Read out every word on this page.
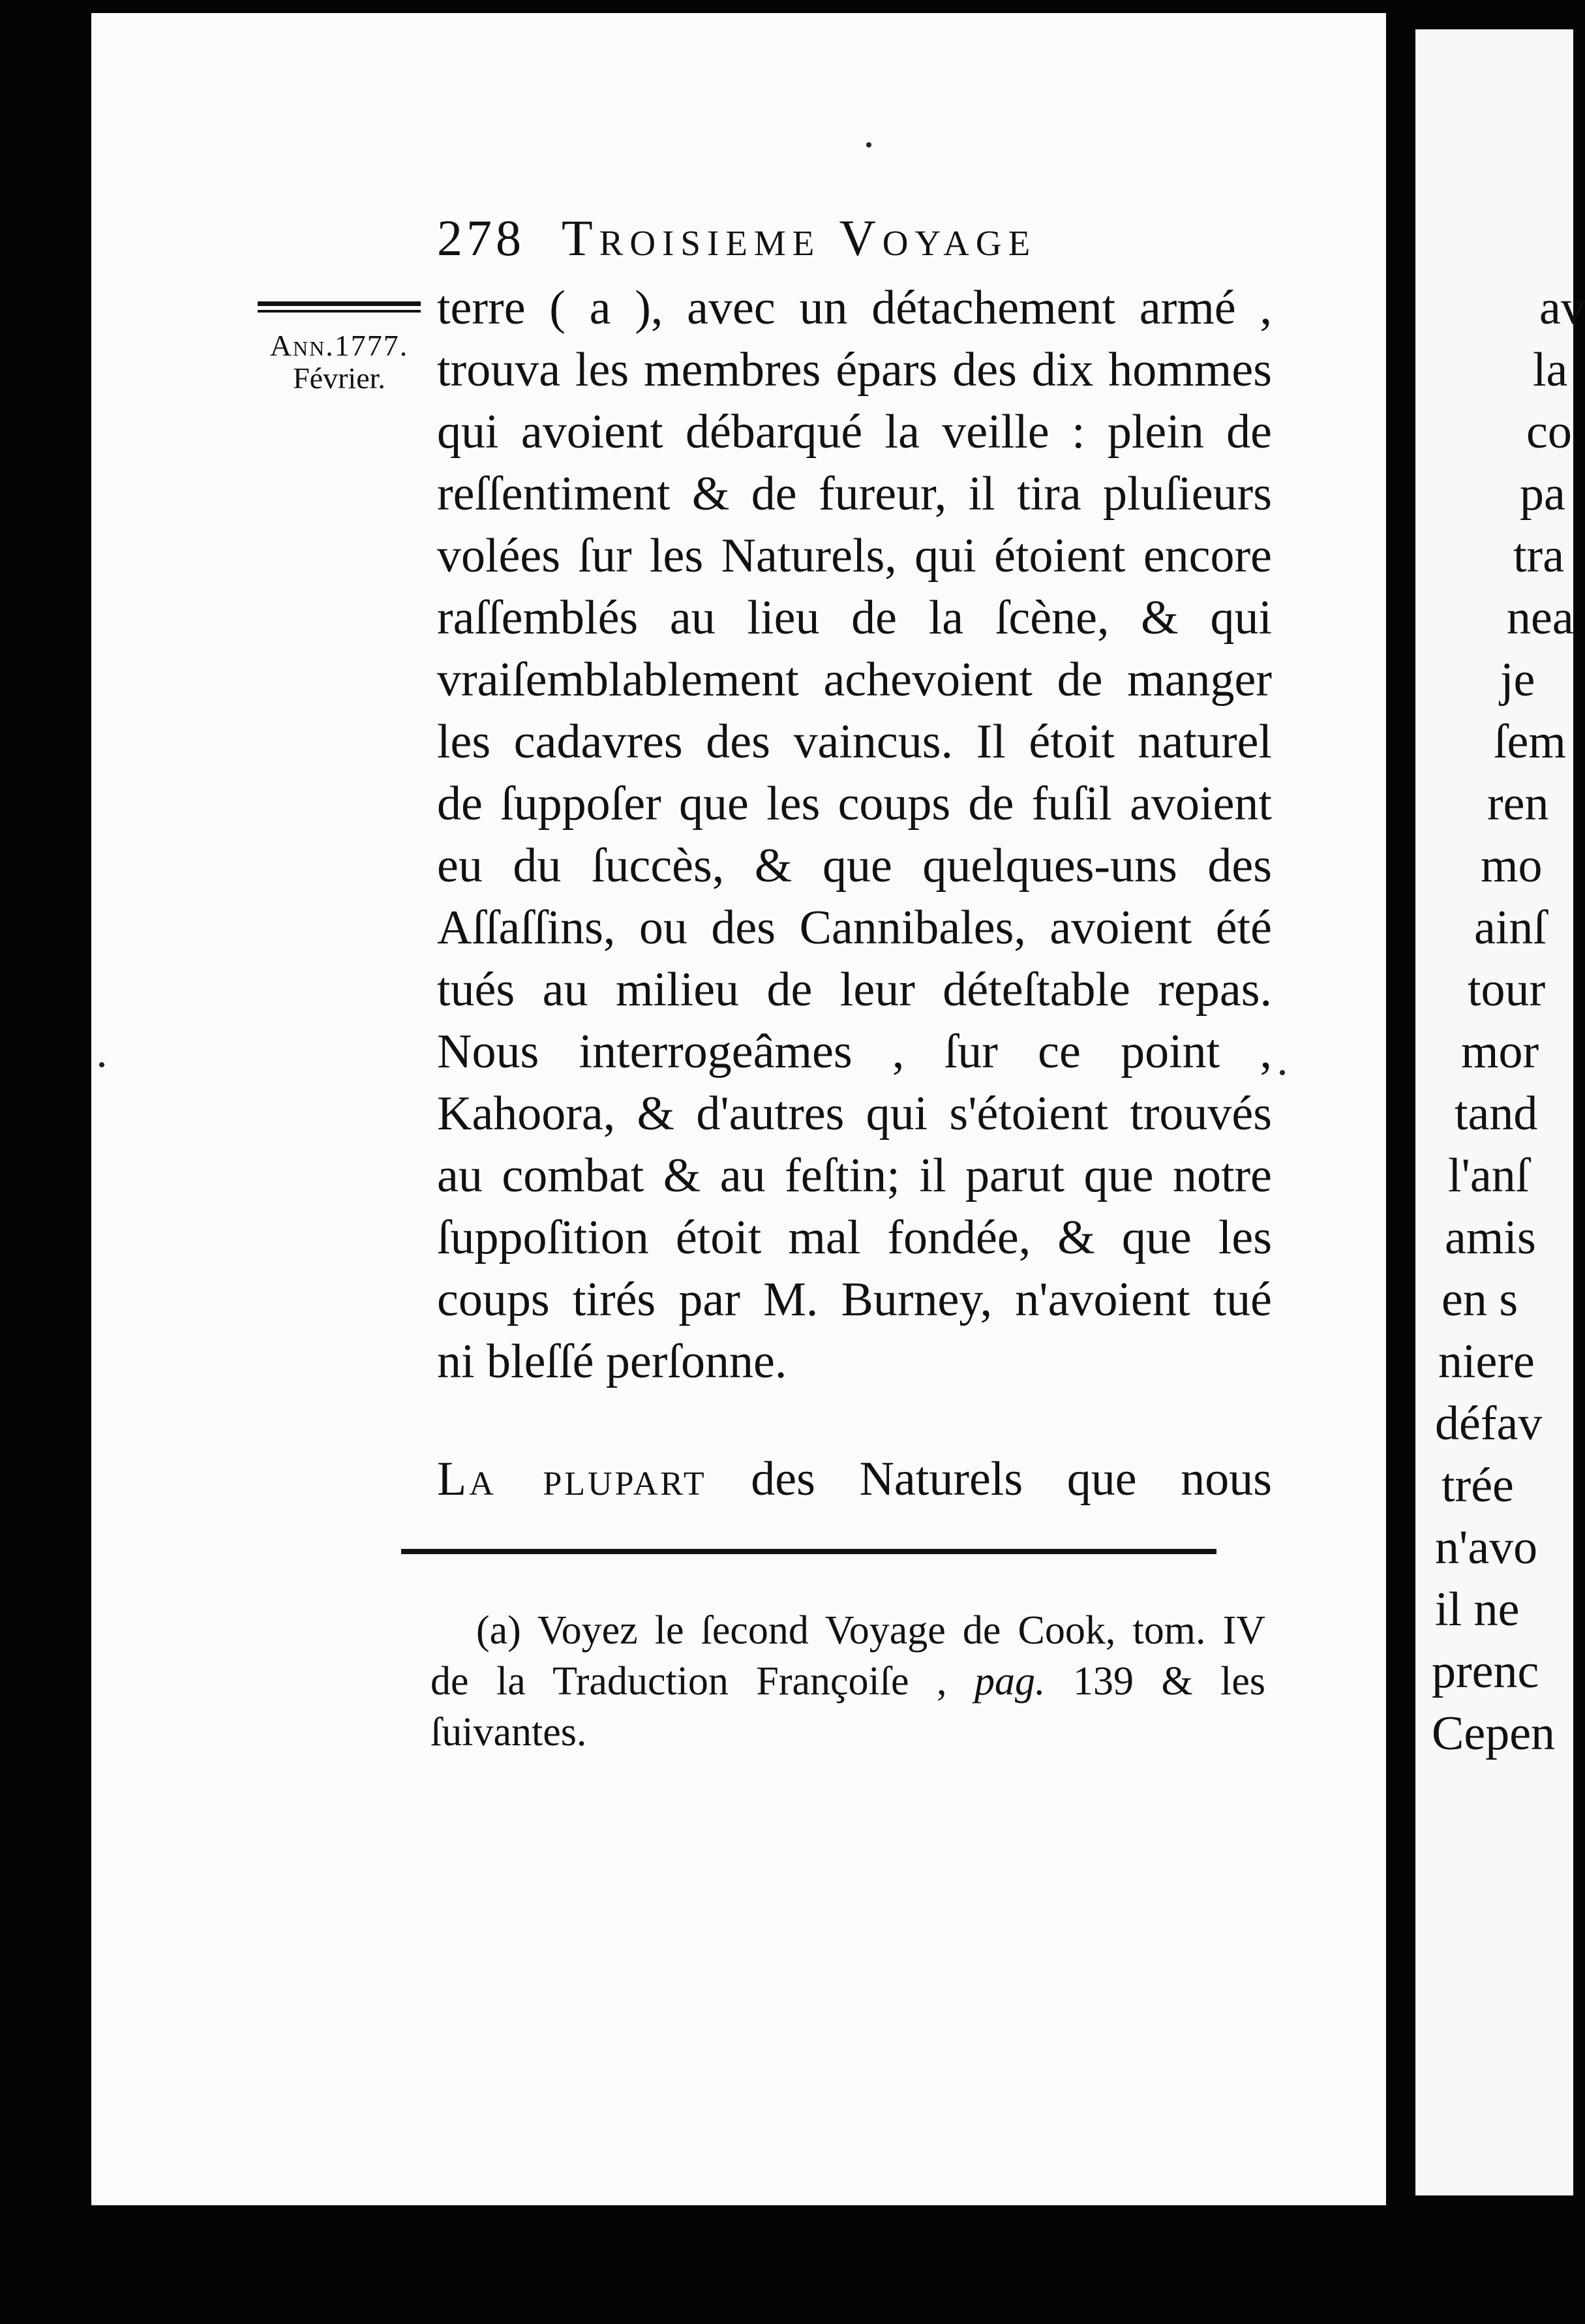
278 Troisieme Voyage
Ann.1777.
Février.
terre ( a ), avec un détachement armé ,
trouva les membres épars des dix hommes
qui avoient débarqué la veille : plein de
reſſentiment & de fureur, il tira pluſieurs
volées ſur les Naturels, qui étoient encore
raſſemblés au lieu de la ſcène, & qui
vraiſemblablement achevoient de manger
les cadavres des vaincus. Il étoit naturel
de ſuppoſer que les coups de fuſil avoient
eu du ſuccès, & que quelques-uns des
Aſſaſſins, ou des Cannibales, avoient été
tués au milieu de leur déteſtable repas.
Nous interrogeâmes , ſur ce point ,
Kahoora, & d'autres qui s'étoient trouvés
au combat & au feſtin; il parut que notre
ſuppoſition étoit mal fondée, & que les
coups tirés par M. Burney, n'avoient tué
ni bleſſé perſonne.
La plupart des Naturels que nous
(a) Voyez le ſecond Voyage de Cook, tom. IV
de la Traduction Françoiſe , pag. 139 & les
ſuivantes.
av
la
co
pa
tra
nea
je
ſem
ren
mo
ainſ
tour
mor
tand
l'anſ
amis
en s
niere
défav
trée
n'avo
il ne
prenc
Cepen
